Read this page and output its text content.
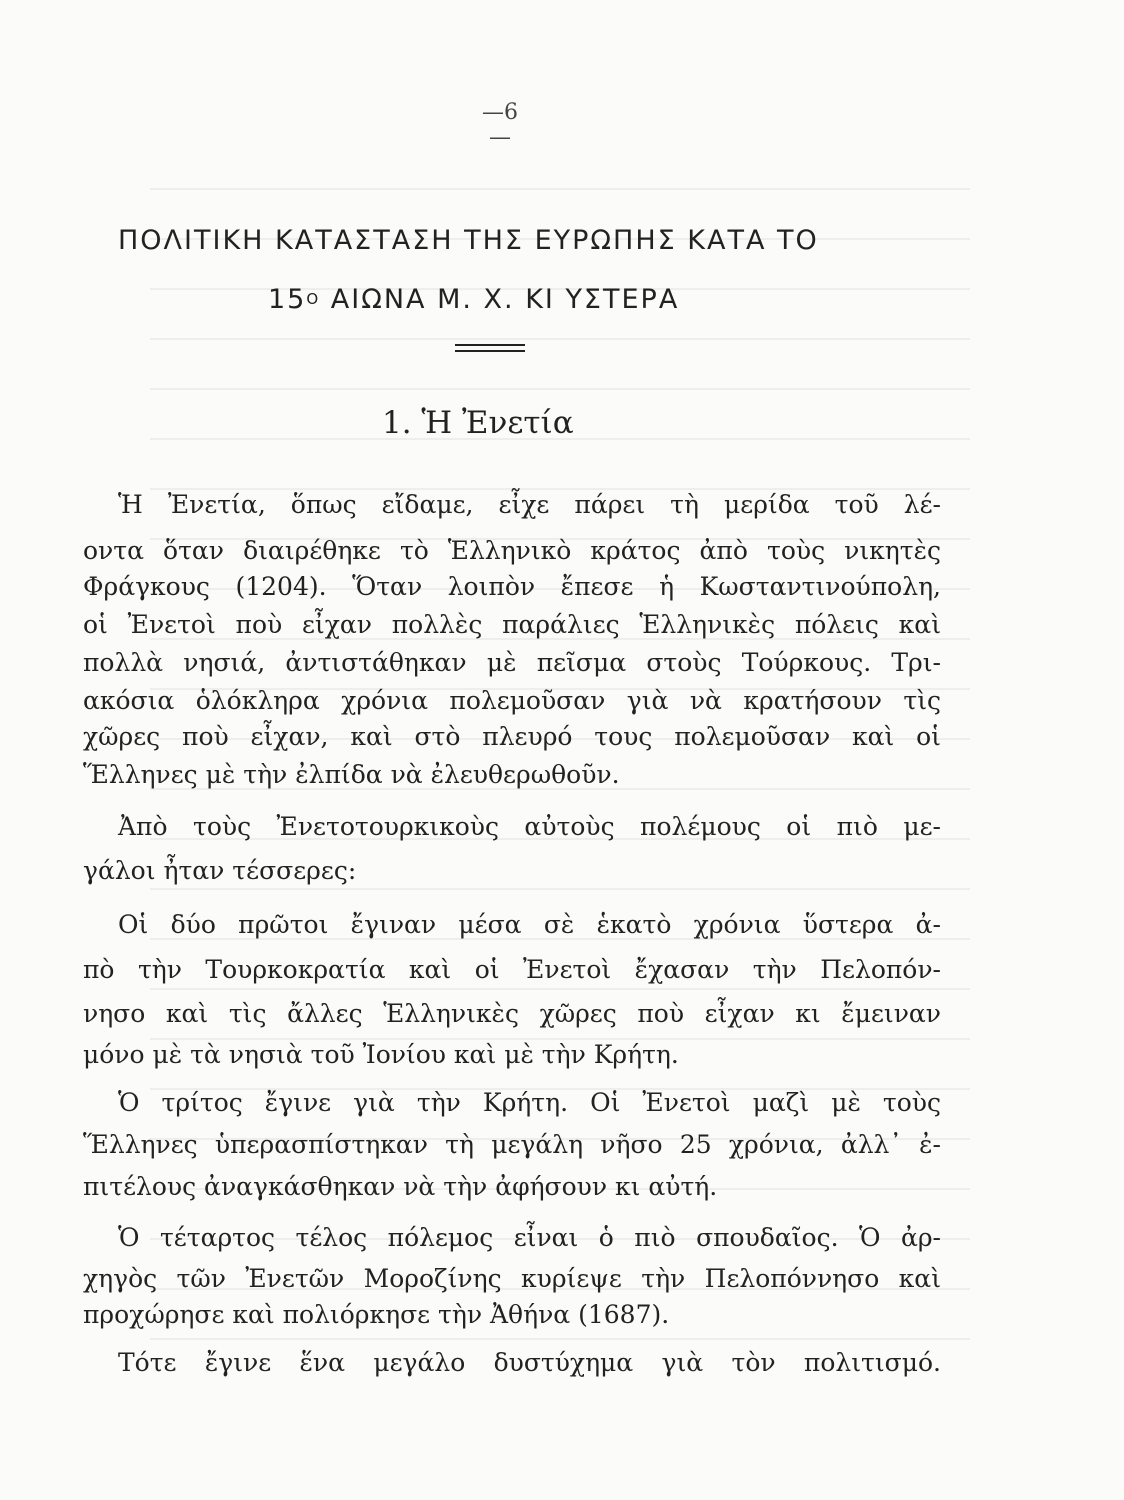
—6—
ΠΟΛΙΤΙΚΗ ΚΑΤΑΣΤΑΣΗ ΤΗΣ ΕΥΡΩΠΗΣ ΚΑΤΑ ΤΟ
$15^O$ ΑΙΩΝΑ Μ. Χ. ΚΙ ΥΣΤΕΡΑ
1. Ἡ Ἐνετία
Ἡ Ἐνετία, ὅπως εἴδαμε, εἶχε πάρει τὴ μερίδα τοῦ λέ-
οντα ὅταν διαιρέθηκε τὸ Ἑλληνικὸ κράτος ἀπὸ τοὺς νικητὲς
Φράγκους (1204). Ὅταν λοιπὸν ἔπεσε ἡ Κωσταντινούπολη,
οἱ Ἐνετοὶ ποὺ εἶχαν πολλὲς παράλιες Ἑλληνικὲς πόλεις καὶ
πολλὰ νησιά, ἀντιστάθηκαν μὲ πεῖσμα στοὺς Τούρκους. Τρι-
ακόσια ὁλόκληρα χρόνια πολεμοῦσαν γιὰ νὰ κρατήσουν τὶς
χῶρες ποὺ εἶχαν, καὶ στὸ πλευρό τους πολεμοῦσαν καὶ οἱ
Ἕλληνες μὲ τὴν ἐλπίδα νὰ ἐλευθερωθοῦν.
Ἀπὸ τοὺς Ἐνετοτουρκικοὺς αὐτοὺς πολέμους οἱ πιὸ με-
γάλοι ἦταν τέσσερες:
Οἱ δύο πρῶτοι ἔγιναν μέσα σὲ ἑκατὸ χρόνια ὕστερα ἀ-
πὸ τὴν Τουρκοκρατία καὶ οἱ Ἐνετοὶ ἔχασαν τὴν Πελοπόν-
νησο καὶ τὶς ἄλλες Ἑλληνικὲς χῶρες ποὺ εἶχαν κι ἔμειναν
μόνο μὲ τὰ νησιὰ τοῦ Ἰονίου καὶ μὲ τὴν Κρήτη.
Ὁ τρίτος ἔγινε γιὰ τὴν Κρήτη. Οἱ Ἐνετοὶ μαζὶ μὲ τοὺς
Ἕλληνες ὑπερασπίστηκαν τὴ μεγάλη νῆσο 25 χρόνια, ἀλλ᾽ ἐ-
πιτέλους ἀναγκάσθηκαν νὰ τὴν ἀφήσουν κι αὐτή.
Ὁ τέταρτος τέλος πόλεμος εἶναι ὁ πιὸ σπουδαῖος. Ὁ ἀρ-
χηγὸς τῶν Ἐνετῶν Μοροζίνης κυρίεψε τὴν Πελοπόννησο καὶ
προχώρησε καὶ πολιόρκησε τὴν Ἀθήνα (1687).
Τότε ἔγινε ἕνα μεγάλο δυστύχημα γιὰ τὸν πολιτισμό.
